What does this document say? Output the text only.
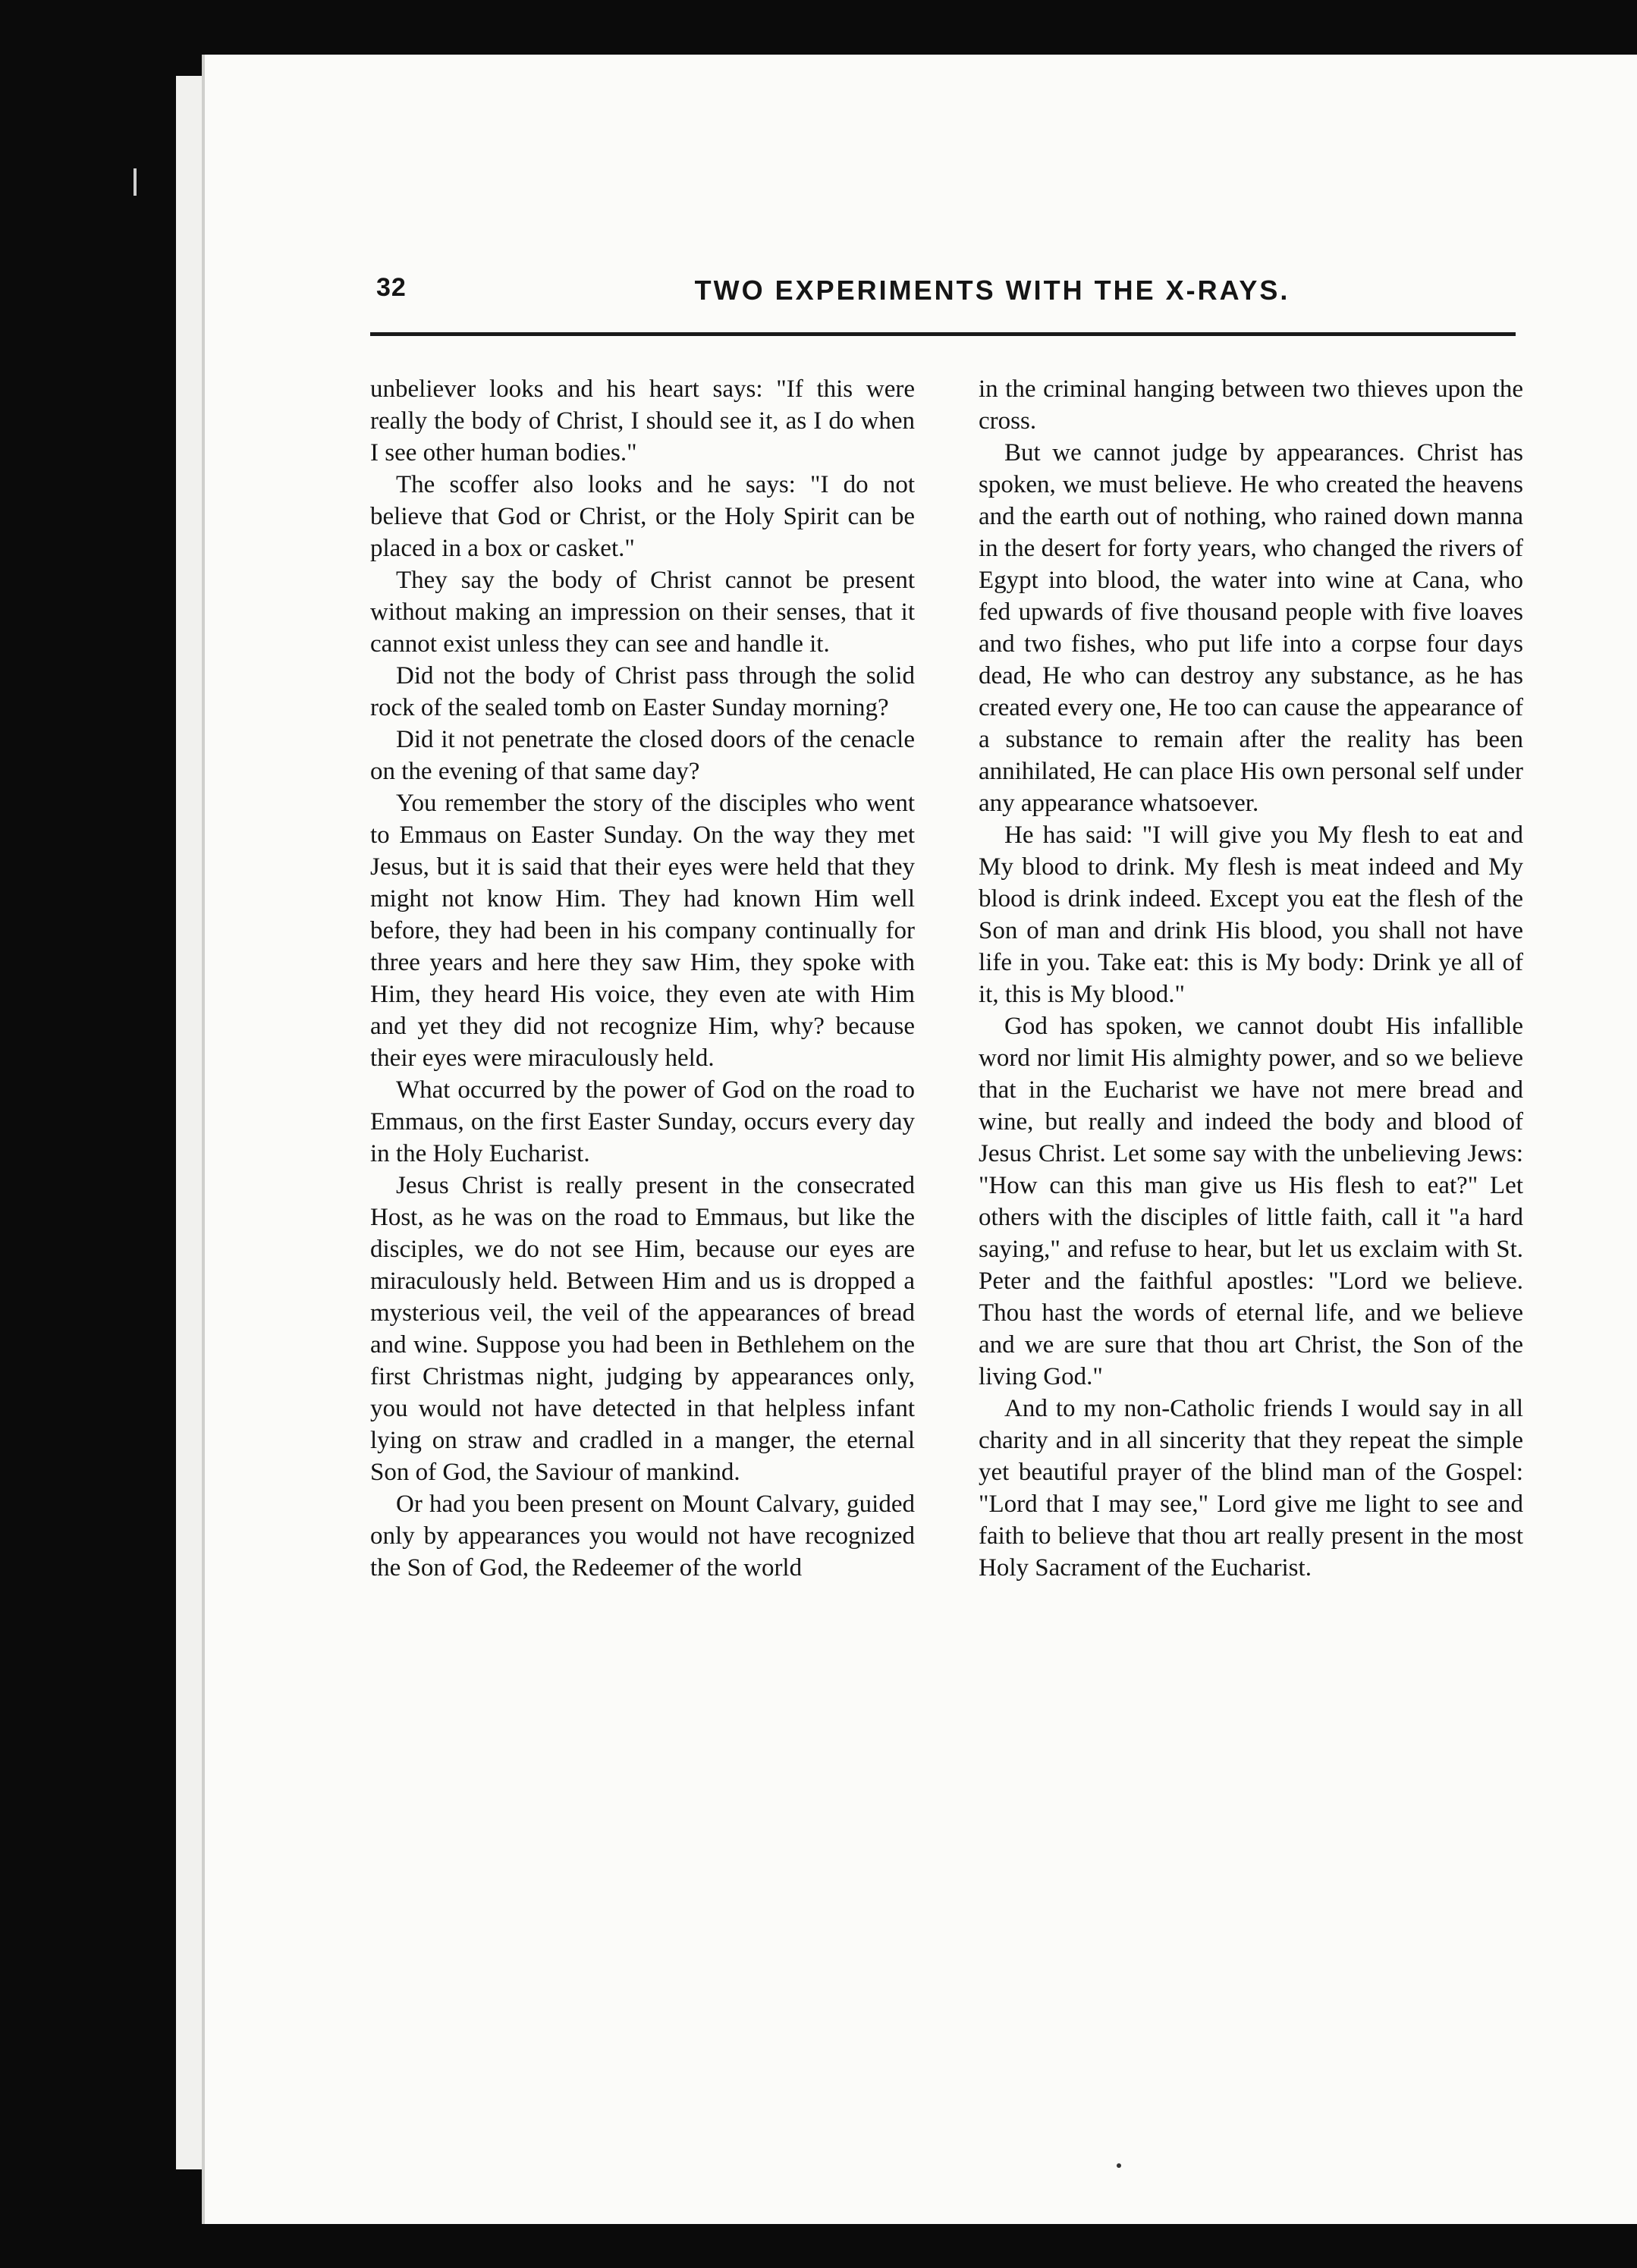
32	TWO EXPERIMENTS WITH THE X-RAYS.

unbeliever looks and his heart says: "If this were really the body of Christ, I should see it, as I do when I see other human bodies."

The scoffer also looks and he says: "I do not believe that God or Christ, or the Holy Spirit can be placed in a box or casket."

They say the body of Christ cannot be present without making an impression on their senses, that it cannot exist unless they can see and handle it.

Did not the body of Christ pass through the solid rock of the sealed tomb on Easter Sunday morning?

Did it not penetrate the closed doors of the cenacle on the evening of that same day?

You remember the story of the disciples who went to Emmaus on Easter Sunday. On the way they met Jesus, but it is said that their eyes were held that they might not know Him. They had known Him well before, they had been in his company continually for three years and here they saw Him, they spoke with Him, they heard His voice, they even ate with Him and yet they did not recognize Him, why? because their eyes were miraculously held.

What occurred by the power of God on the road to Emmaus, on the first Easter Sunday, occurs every day in the Holy Eucharist.

Jesus Christ is really present in the consecrated Host, as he was on the road to Emmaus, but like the disciples, we do not see Him, because our eyes are miraculously held. Between Him and us is dropped a mysterious veil, the veil of the appearances of bread and wine. Suppose you had been in Bethlehem on the first Christmas night, judging by appearances only, you would not have detected in that helpless infant lying on straw and cradled in a manger, the eternal Son of God, the Saviour of mankind.

Or had you been present on Mount Calvary, guided only by appearances you would not have recognized the Son of God, the Redeemer of the world

in the criminal hanging between two thieves upon the cross.

But we cannot judge by appearances. Christ has spoken, we must believe. He who created the heavens and the earth out of nothing, who rained down manna in the desert for forty years, who changed the rivers of Egypt into blood, the water into wine at Cana, who fed upwards of five thousand people with five loaves and two fishes, who put life into a corpse four days dead, He who can destroy any substance, as he has created every one, He too can cause the appearance of a substance to remain after the reality has been annihilated, He can place His own personal self under any appearance whatsoever.

He has said: "I will give you My flesh to eat and My blood to drink. My flesh is meat indeed and My blood is drink indeed. Except you eat the flesh of the Son of man and drink His blood, you shall not have life in you. Take eat: this is My body: Drink ye all of it, this is My blood."

God has spoken, we cannot doubt His infallible word nor limit His almighty power, and so we believe that in the Eucharist we have not mere bread and wine, but really and indeed the body and blood of Jesus Christ. Let some say with the unbelieving Jews: "How can this man give us His flesh to eat?" Let others with the disciples of little faith, call it "a hard saying," and refuse to hear, but let us exclaim with St. Peter and the faithful apostles: "Lord we believe. Thou hast the words of eternal life, and we believe and we are sure that thou art Christ, the Son of the living God."

And to my non-Catholic friends I would say in all charity and in all sincerity that they repeat the simple yet beautiful prayer of the blind man of the Gospel: "Lord that I may see," Lord give me light to see and faith to believe that thou art really present in the most Holy Sacrament of the Eucharist.
